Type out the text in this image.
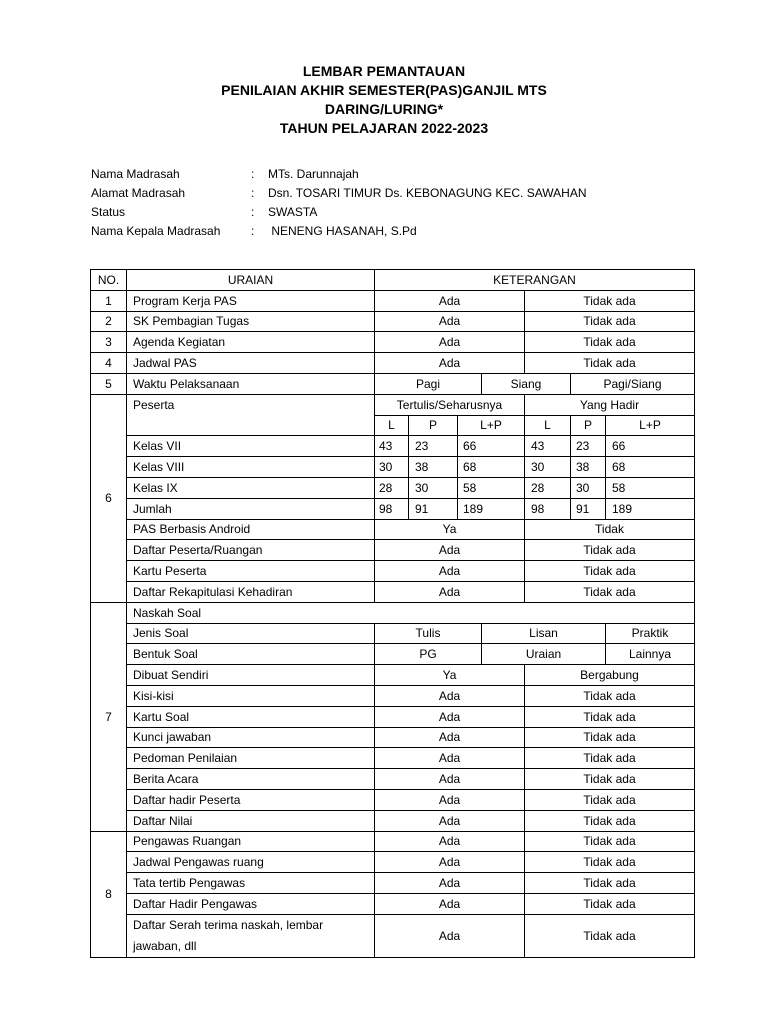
LEMBAR PEMANTAUAN
PENILAIAN AKHIR SEMESTER(PAS)GANJIL MTS
DARING/LURING*
TAHUN PELAJARAN 2022-2023
Nama Madrasah	: MTs. Darunnajah
Alamat Madrasah	: Dsn. TOSARI TIMUR Ds. KEBONAGUNG KEC. SAWAHAN
Status	: SWASTA
Nama Kepala Madrasah	: NENENG HASANAH, S.Pd
NO.	URAIAN	KETERANGAN						
1	Program Kerja PAS	Ada				Tidak ada		
2	SK Pembagian Tugas	Ada				Tidak ada		
3	Agenda Kegiatan	Ada				Tidak ada		
4	Jadwal PAS	Ada				Tidak ada		
5	Waktu Pelaksanaan	Pagi			Siang		Pagi/Siang	
6	Peserta	Tertulis/Seharusnya				Yang Hadir		
		L	P	L+P		L	P	L+P
	Kelas VII	43	23	66		43	23	66
	Kelas VIII	30	38	68		30	38	68
	Kelas IX	28	30	58		28	30	58
	Jumlah	98	91	189		98	91	189
	PAS Berbasis Android	Ya				Tidak		
	Daftar Peserta/Ruangan	Ada				Tidak ada		
	Kartu Peserta	Ada				Tidak ada		
	Daftar Rekapitulasi Kehadiran	Ada				Tidak ada		
7	Naskah Soal							
	Jenis Soal	Tulis			Lisan			Praktik
	Bentuk Soal	PG			Uraian			Lainnya
	Dibuat Sendiri	Ya				Bergabung		
	Kisi-kisi	Ada				Tidak ada		
	Kartu Soal	Ada				Tidak ada		
	Kunci jawaban	Ada				Tidak ada		
	Pedoman Penilaian	Ada				Tidak ada		
	Berita Acara	Ada				Tidak ada		
	Daftar hadir Peserta	Ada				Tidak ada		
	Daftar Nilai	Ada				Tidak ada		
8	Pengawas Ruangan	Ada				Tidak ada		
	Jadwal Pengawas ruang	Ada				Tidak ada		
	Tata tertib Pengawas	Ada				Tidak ada		
	Daftar Hadir Pengawas	Ada				Tidak ada		
	Daftar Serah terima naskah, lembar jawaban, dll	Ada				Tidak ada		
